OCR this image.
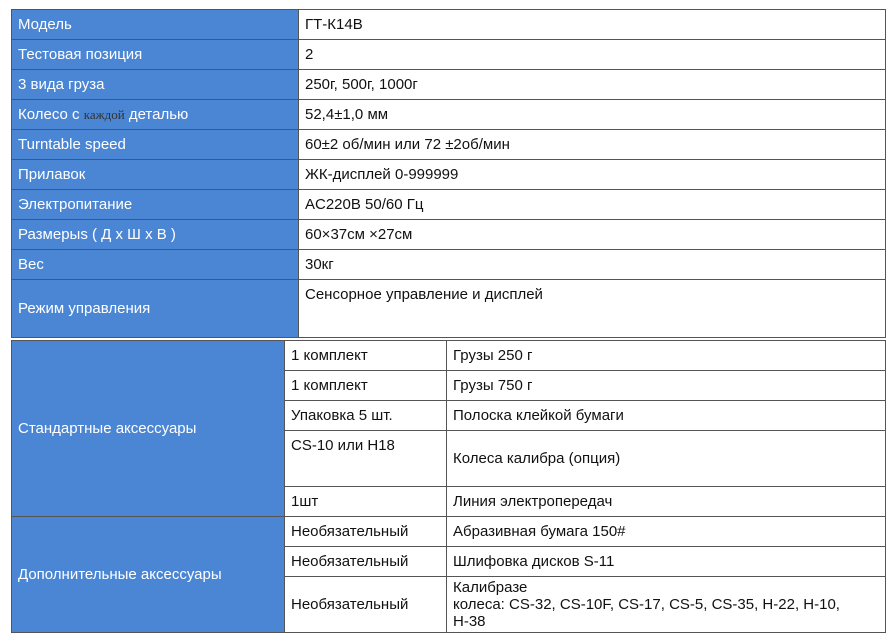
Модель	ГТ-К14В
Тестовая позиция	2
3 вида груза	250г, 500г, 1000г
Колесо с каждой деталью	52,4±1,0 мм
Turntable speed	60±2 об/мин или 72 ±2об/мин
Прилавок	ЖК-дисплей 0-999999
Электропитание	AC220B 50/60 Гц
Размерыs ( Д x Ш x В )	60×37см ×27см
Вес	30кг
Режим управления	Сенсорное управление и дисплей
Стандартные аксессуары	1 комплект	Грузы 250 г
	1 комплект	Грузы 750 г
	Упаковка 5 шт.	Полоска клейкой бумаги
	CS-10 или H18	Колеса калибра (опция)
	1шт	Линия электропередач
Дополнительные аксессуары	Необязательный	Абразивная бумага 150#
	Необязательный	Шлифовка дисков S-11
	Необязательный	Калибразе
колеса: CS-32, CS-10F, CS-17, CS-5, CS-35, H-22, H-10,
H-38
